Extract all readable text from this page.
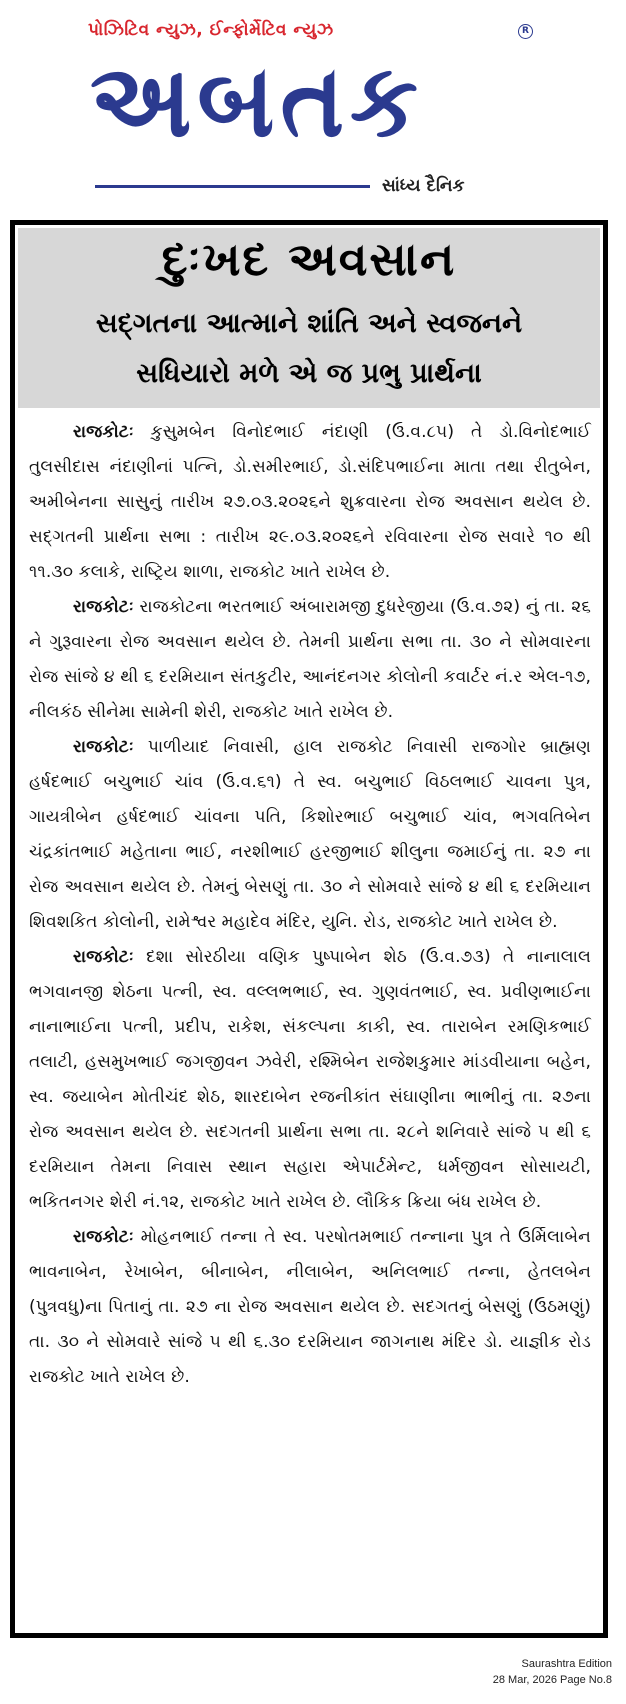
પોઝિટિવ ન્યુઝ, ઈન્ફોર્મેટિવ ન્યુઝ	R
અબતક
સાંધ્ય દૈનિક
દુઃખદ અવસાન
સદ્ગતના આત્માને શાંતિ અને સ્વજનને
સધિયારો મળે એ જ પ્રભુ પ્રાર્થના

રાજકોટઃ કુસુમબેન વિનોદભાઈ નંદાણી (ઉ.વ.૮૫) તે ડો.વિનોદભાઈ તુલસીદાસ નંદાણીનાં પત્નિ, ડો.સમીરભાઈ, ડો.સંદિપભાઈના માતા તથા રીતુબેન, અમીબેનના સાસુનું તારીખ ૨૭.૦૩.૨૦૨૬ને શુક્રવારના રોજ અવસાન થયેલ છે. સદ્ગતની પ્રાર્થના સભા : તારીખ ૨૯.૦૩.૨૦૨૬ને રવિવારના રોજ સવારે ૧૦ થી ૧૧.૩૦ કલાકે, રાષ્ટ્રિય શાળા, રાજકોટ ખાતે રાખેલ છે.

રાજકોટઃ રાજકોટના ભરતભાઈ અંબારામજી દુધરેજીયા (ઉ.વ.૭૨) નું તા. ૨૬ ને ગુરૂવારના રોજ અવસાન થયેલ છે. તેમની પ્રાર્થના સભા તા. ૩૦ ને સોમવારના રોજ સાંજે ૪ થી ૬ દરમિયાન સંતકુટીર, આનંદનગર કોલોની કવાર્ટર નં.ર એલ-૧૭, નીલકંઠ સીનેમા સામેની શેરી, રાજકોટ ખાતે રાખેલ છે.

રાજકોટઃ પાળીયાદ નિવાસી, હાલ રાજકોટ નિવાસી રાજગોર બ્રાહ્મણ હર્ષદભાઈ બચુભાઈ ચાંવ (ઉ.વ.૬૧) તે સ્વ. બચુભાઈ વિઠલભાઈ ચાવના પુત્ર, ગાયત્રીબેન હર્ષદભાઈ ચાંવના પતિ, કિશોરભાઈ બચુભાઈ ચાંવ, ભગવતિબેન ચંદ્રકાંતભાઈ મહેતાના ભાઈ, નરશીભાઈ હરજીભાઈ શીલુના જમાઈનું તા. ૨૭ ના રોજ અવસાન થયેલ છે. તેમનું બેસણું તા. ૩૦ ને સોમવારે સાંજે ૪ થી ૬ દરમિયાન શિવશકિત કોલોની, રામેશ્વર મહાદેવ મંદિર, યુનિ. રોડ, રાજકોટ ખાતે રાખેલ છે.

રાજકોટઃ દશા સોરઠીયા વણિક પુષ્પાબેન શેઠ (ઉ.વ.૭૩) તે નાનાલાલ ભગવાનજી શેઠના પત્ની, સ્વ. વલ્લભભાઈ, સ્વ. ગુણવંતભાઈ, સ્વ. પ્રવીણભાઈના નાનાભાઈના પત્ની, પ્રદીપ, રાકેશ, સંકલ્પના કાકી, સ્વ. તારાબેન રમણિકભાઈ તલાટી, હસમુખભાઈ જગજીવન ઝવેરી, રશ્મિબેન રાજેશકુમાર માંડવીયાના બહેન, સ્વ. જયાબેન મોતીચંદ શેઠ, શારદાબેન રજનીકાંત સંઘાણીના ભાભીનું તા. ૨૭ના રોજ અવસાન થયેલ છે. સદગતની પ્રાર્થના સભા તા. ૨૮ને શનિવારે સાંજે ૫ થી ૬ દરમિયાન તેમના નિવાસ સ્થાન સહારા એપાર્ટમેન્ટ, ધર્મજીવન સોસાયટી, ભકિતનગર શેરી નં.૧૨, રાજકોટ ખાતે રાખેલ છે. લૌકિક ક્રિયા બંધ રાખેલ છે.

રાજકોટઃ મોહનભાઈ તન્ના તે સ્વ. પરષોતમભાઈ તન્નાના પુત્ર તે ઉર્મિલાબેન ભાવનાબેન, રેખાબેન, બીનાબેન, નીલાબેન, અનિલભાઈ તન્ના, હેતલબેન (પુત્રવધુ)ના પિતાનું તા. ૨૭ ના રોજ અવસાન થયેલ છે. સદગતનું બેસણું (ઉઠમણું) તા. ૩૦ ને સોમવારે સાંજે ૫ થી ૬.૩૦ દરમિયાન જાગનાથ મંદિર ડો. યાજ્ઞીક રોડ રાજકોટ ખાતે રાખેલ છે.

Saurashtra Edition
28 Mar, 2026 Page No.8
